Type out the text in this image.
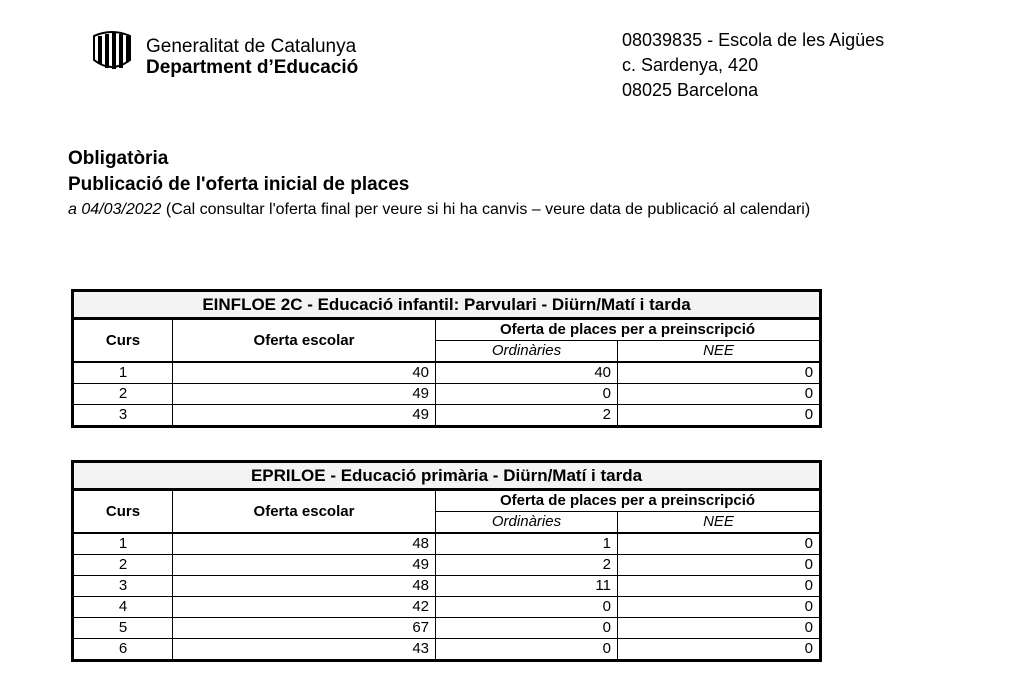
Generalitat de Catalunya
Department d’Educació
08039835 - Escola de les Aigües
c. Sardenya, 420
08025 Barcelona
Obligatòria
Publicació de l'oferta inicial de places
a 04/03/2022 (Cal consultar l'oferta final per veure si hi ha canvis – veure data de publicació al calendari)
EINFLOE 2C - Educació infantil: Parvulari - Diürn/Matí i tarda			
Curs	Oferta escolar	Oferta de places per a preinscripció	
		Ordinàries	NEE
1	40	40	0
2	49	0	0
3	49	2	0
EPRILOE - Educació primària - Diürn/Matí i tarda			
Curs	Oferta escolar	Oferta de places per a preinscripció	
		Ordinàries	NEE
1	48	1	0
2	49	2	0
3	48	11	0
4	42	0	0
5	67	0	0
6	43	0	0
